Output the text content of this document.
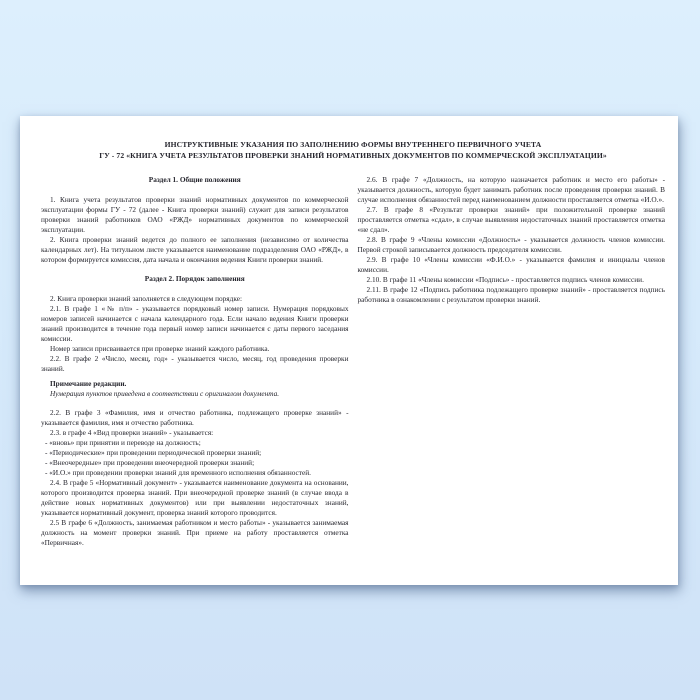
ИНСТРУКТИВНЫЕ УКАЗАНИЯ ПО ЗАПОЛНЕНИЮ ФОРМЫ ВНУТРЕННЕГО ПЕРВИЧНОГО УЧЕТА
ГУ - 72 «КНИГА УЧЕТА РЕЗУЛЬТАТОВ ПРОВЕРКИ ЗНАНИЙ НОРМАТИВНЫХ ДОКУМЕНТОВ ПО КОММЕРЧЕСКОЙ ЭКСПЛУАТАЦИИ»

Раздел 1. Общие положения

1. Книга учета результатов проверки знаний нормативных документов по коммерческой эксплуатации формы ГУ - 72 (далее - Книга проверки знаний) служит для записи результатов проверки знаний работников ОАО «РЖД» нормативных документов по коммерческой эксплуатации.

2. Книга проверки знаний ведется до полного ее заполнения (независимо от количества календарных лет). На титульном листе указывается наименование подразделения ОАО «РЖД», в котором формируется комиссия, дата начала и окончания ведения Книги проверки знаний.

Раздел 2. Порядок заполнения

2. Книга проверки знаний заполняется в следующем порядке:

2.1. В графе 1 «№ п/п» - указывается порядковый номер записи. Нумерация порядковых номеров записей начинается с начала календарного года. Если начало ведения Книги проверки знаний производится в течение года первый номер записи начинается с даты первого заседания комиссии.

Номер записи присваивается при проверке знаний каждого работника.

2.2. В графе 2 «Число, месяц, год» - указывается число, месяц, год проведения проверки знаний.

Примечание редакции.

Нумерация пунктов приведена в соответствии с оригиналом документа.

2.2. В графе 3 «Фамилия, имя и отчество работника, подлежащего проверке знаний» - указывается фамилия, имя и отчество работника.

2.3. в графе 4 «Вид проверки знаний» - указывается:

- «вновь» при принятии и переводе на должность;

- «Периодические» при проведении периодической проверки знаний;

- «Внеочередные» при проведении внеочередной проверки знаний;

- «И.О.» при проведении проверки знаний для временного исполнения обязанностей.

2.4. В графе 5 «Нормативный документ» - указывается наименование документа на основании, которого производится проверка знаний. При внеочередной проверке знаний (в случае ввода в действие новых нормативных документов) или при выявлении недостаточных знаний, указывается нормативный документ, проверка знаний которого проводится.

2.5 В графе 6 «Должность, занимаемая работником и место работы» - указывается занимаемая должность на момент проверки знаний. При приеме на работу проставляется отметка «Первичная».

2.6. В графе 7 «Должность, на которую назначается работник и место его работы» - указывается должность, которую будет занимать работник после проведения проверки знаний. В случае исполнения обязанностей перед наименованием должности проставляется отметка «И.О.».

2.7. В графе 8 «Результат проверки знаний» при положительной проверке знаний проставляется отметка «сдал», в случае выявления недостаточных знаний проставляется отметка «не сдал».

2.8. В графе 9 «Члены комиссии «Должность» - указывается должность членов комиссии. Первой строкой записывается должность председателя комиссии.

2.9. В графе 10 «Члены комиссии «Ф.И.О.» - указывается фамилия и инициалы членов комиссии.

2.10. В графе 11 «Члены комиссии «Подпись» - проставляется подпись членов комиссии.

2.11. В графе 12 «Подпись работника подлежащего проверке знаний» - проставляется подпись работника в ознакомлении с результатом проверки знаний.
